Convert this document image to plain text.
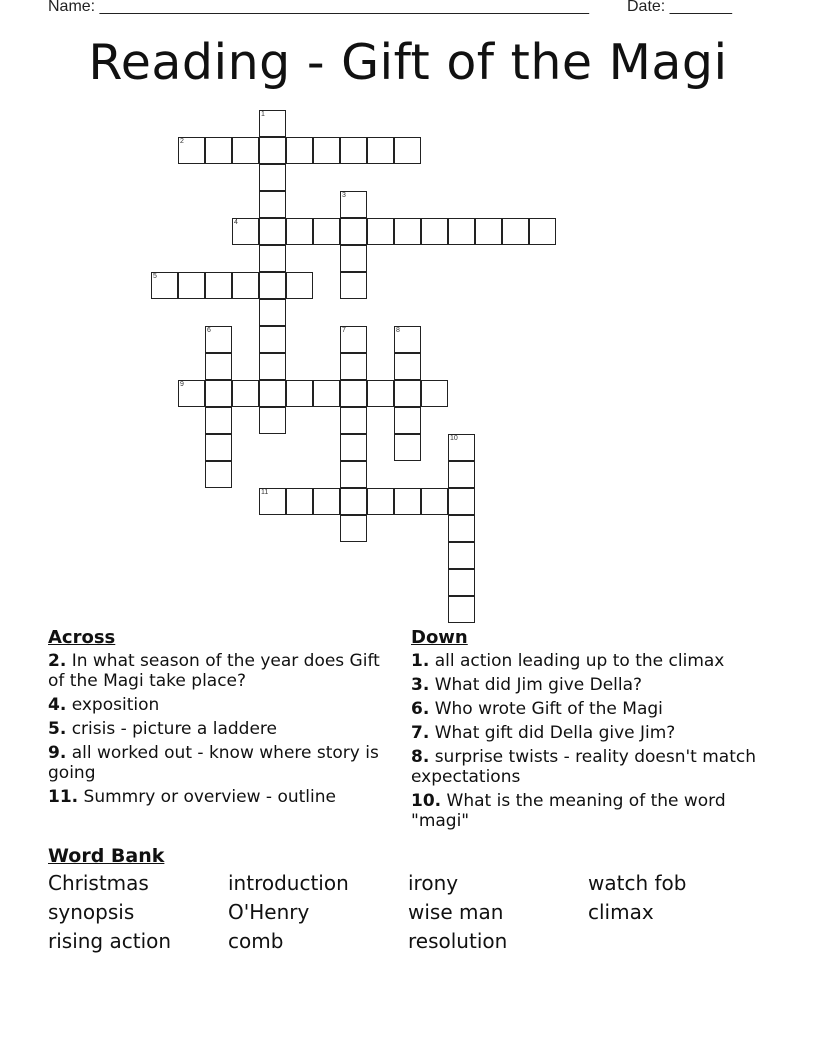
Name: _______________________________________________________ Date: _______
Reading - Gift of the Magi
1
2
3
4
5
6	7	8
9
10
11
Across
2. In what season of the year does Gift of the Magi take place?
4. exposition
5. crisis - picture a laddere
9. all worked out - know where story is going
11. Summry or overview - outline
Down
1. all action leading up to the climax
3. What did Jim give Della?
6. Who wrote Gift of the Magi
7. What gift did Della give Jim?
8. surprise twists - reality doesn't match expectations
10. What is the meaning of the word "magi"
Word Bank
Christmas	introduction	irony	watch fob
synopsis	O'Henry	wise man	climax
rising action	comb	resolution
